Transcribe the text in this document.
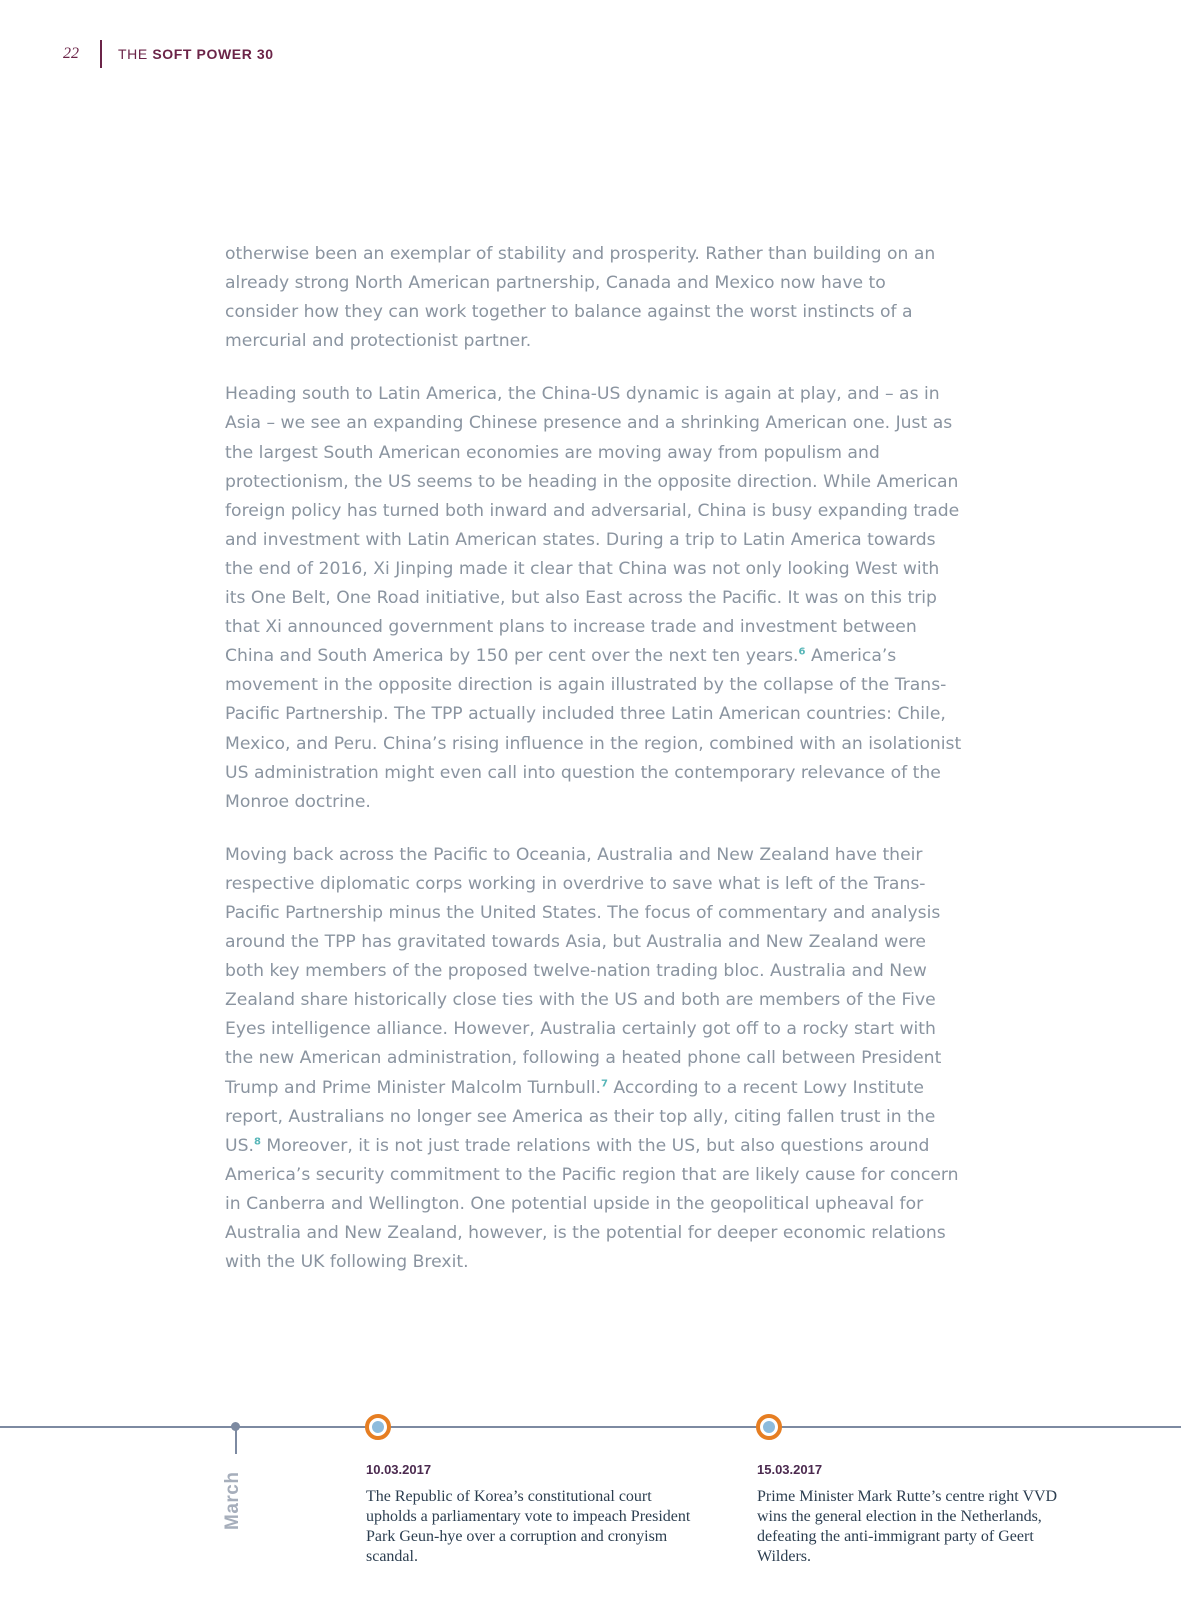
22	THE SOFT POWER 30

otherwise been an exemplar of stability and prosperity. Rather than building on an already strong North American partnership, Canada and Mexico now have to consider how they can work together to balance against the worst instincts of a mercurial and protectionist partner.

Heading south to Latin America, the China-US dynamic is again at play, and – as in Asia – we see an expanding Chinese presence and a shrinking American one. Just as the largest South American economies are moving away from populism and protectionism, the US seems to be heading in the opposite direction. While American foreign policy has turned both inward and adversarial, China is busy expanding trade and investment with Latin American states. During a trip to Latin America towards the end of 2016, Xi Jinping made it clear that China was not only looking West with its One Belt, One Road initiative, but also East across the Pacific. It was on this trip that Xi announced government plans to increase trade and investment between China and South America by 150 per cent over the next ten years.$^6$ America’s movement in the opposite direction is again illustrated by the collapse of the Trans-Pacific Partnership. The TPP actually included three Latin American countries: Chile, Mexico, and Peru. China’s rising influence in the region, combined with an isolationist US administration might even call into question the contemporary relevance of the Monroe doctrine.

Moving back across the Pacific to Oceania, Australia and New Zealand have their respective diplomatic corps working in overdrive to save what is left of the Trans-Pacific Partnership minus the United States. The focus of commentary and analysis around the TPP has gravitated towards Asia, but Australia and New Zealand were both key members of the proposed twelve-nation trading bloc. Australia and New Zealand share historically close ties with the US and both are members of the Five Eyes intelligence alliance. However, Australia certainly got off to a rocky start with the new American administration, following a heated phone call between President Trump and Prime Minister Malcolm Turnbull.$^7$ According to a recent Lowy Institute report, Australians no longer see America as their top ally, citing fallen trust in the US.$^8$ Moreover, it is not just trade relations with the US, but also questions around America’s security commitment to the Pacific region that are likely cause for concern in Canberra and Wellington. One potential upside in the geopolitical upheaval for Australia and New Zealand, however, is the potential for deeper economic relations with the UK following Brexit.

March
10.03.2017
The Republic of Korea’s constitutional court upholds a parliamentary vote to impeach President Park Geun-hye over a corruption and cronyism scandal.
15.03.2017
Prime Minister Mark Rutte’s centre right VVD wins the general election in the Netherlands, defeating the anti-immigrant party of Geert Wilders.
